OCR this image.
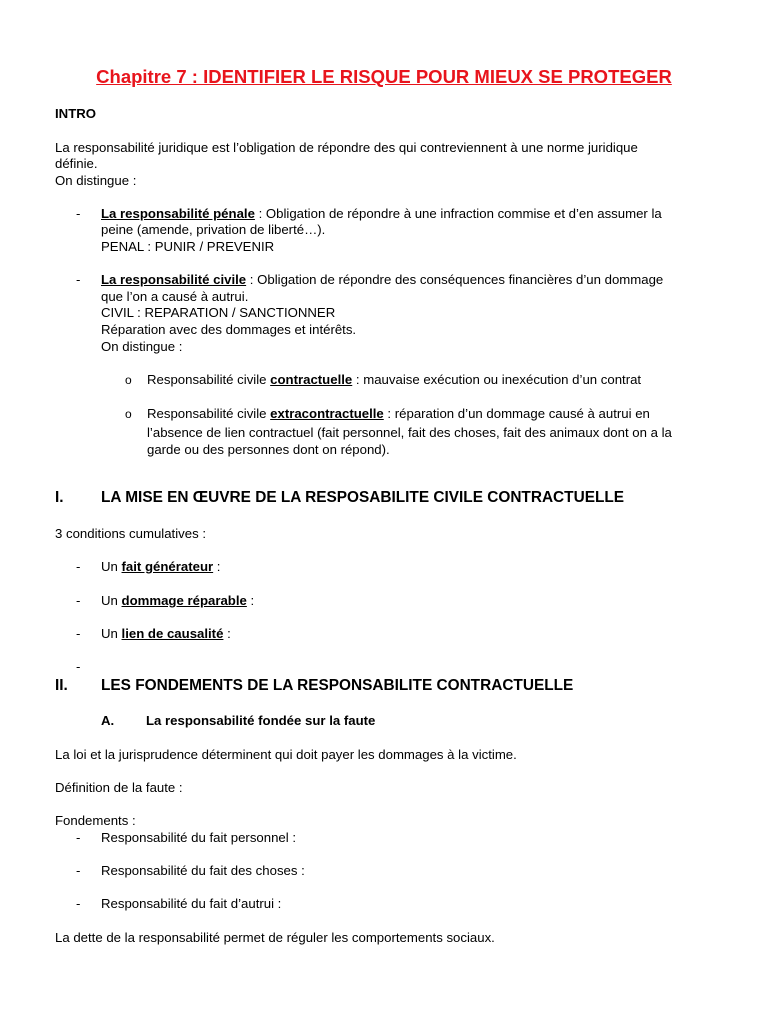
Chapitre 7 : IDENTIFIER LE RISQUE POUR MIEUX SE PROTEGER
INTRO
La responsabilité juridique est l’obligation de répondre des qui contreviennent à une norme juridique
définie.
On distingue :
- La responsabilité pénale : Obligation de répondre à une infraction commise et d’en assumer la
peine (amende, privation de liberté…).
PENAL : PUNIR / PREVENIR
- La responsabilité civile : Obligation de répondre des conséquences financières d’un dommage
que l’on a causé à autrui.
CIVIL : REPARATION / SANCTIONNER
Réparation avec des dommages et intérêts.
On distingue :
o Responsabilité civile contractuelle : mauvaise exécution ou inexécution d’un contrat
o Responsabilité civile extracontractuelle : réparation d’un dommage causé à autrui en
l’absence de lien contractuel (fait personnel, fait des choses, fait des animaux dont on a la
garde ou des personnes dont on répond).
I. LA MISE EN ŒUVRE DE LA RESPOSABILITE CIVILE CONTRACTUELLE
3 conditions cumulatives :
- Un fait générateur :
- Un dommage réparable :
- Un lien de causalité :
-
II. LES FONDEMENTS DE LA RESPONSABILITE CONTRACTUELLE
A. La responsabilité fondée sur la faute
La loi et la jurisprudence déterminent qui doit payer les dommages à la victime.
Définition de la faute :
Fondements :
- Responsabilité du fait personnel :
- Responsabilité du fait des choses :
- Responsabilité du fait d’autrui :
La dette de la responsabilité permet de réguler les comportements sociaux.
